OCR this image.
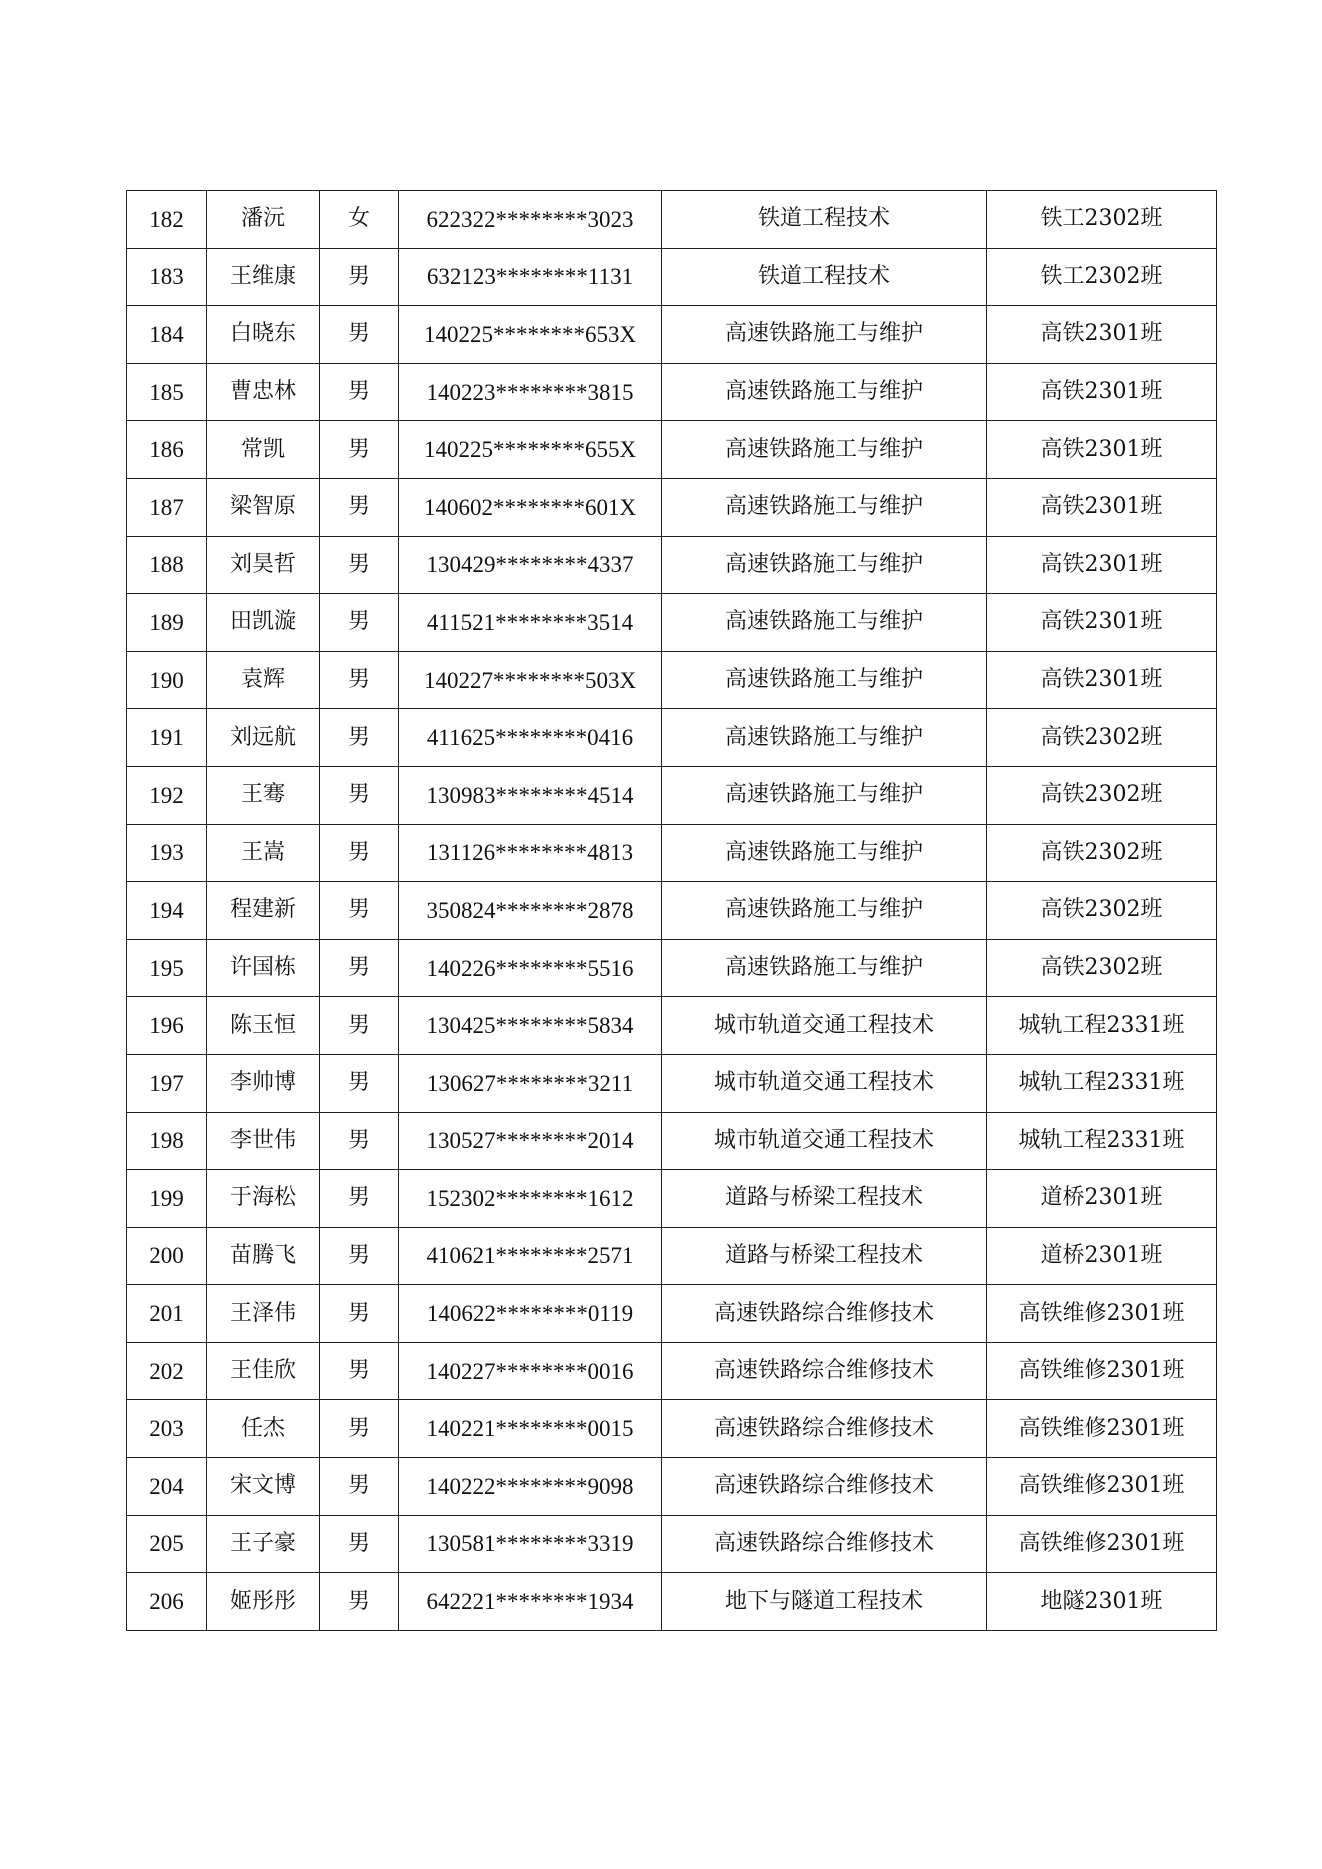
182	潘沅	女	622322********3023	铁道工程技术	铁工2302班
183	王维康	男	632123********1131	铁道工程技术	铁工2302班
184	白晓东	男	140225********653X	高速铁路施工与维护	高铁2301班
185	曹忠林	男	140223********3815	高速铁路施工与维护	高铁2301班
186	常凯	男	140225********655X	高速铁路施工与维护	高铁2301班
187	梁智原	男	140602********601X	高速铁路施工与维护	高铁2301班
188	刘昊哲	男	130429********4337	高速铁路施工与维护	高铁2301班
189	田凯漩	男	411521********3514	高速铁路施工与维护	高铁2301班
190	袁辉	男	140227********503X	高速铁路施工与维护	高铁2301班
191	刘远航	男	411625********0416	高速铁路施工与维护	高铁2302班
192	王骞	男	130983********4514	高速铁路施工与维护	高铁2302班
193	王嵩	男	131126********4813	高速铁路施工与维护	高铁2302班
194	程建新	男	350824********2878	高速铁路施工与维护	高铁2302班
195	许国栋	男	140226********5516	高速铁路施工与维护	高铁2302班
196	陈玉恒	男	130425********5834	城市轨道交通工程技术	城轨工程2331班
197	李帅博	男	130627********3211	城市轨道交通工程技术	城轨工程2331班
198	李世伟	男	130527********2014	城市轨道交通工程技术	城轨工程2331班
199	于海松	男	152302********1612	道路与桥梁工程技术	道桥2301班
200	苗腾飞	男	410621********2571	道路与桥梁工程技术	道桥2301班
201	王泽伟	男	140622********0119	高速铁路综合维修技术	高铁维修2301班
202	王佳欣	男	140227********0016	高速铁路综合维修技术	高铁维修2301班
203	任杰	男	140221********0015	高速铁路综合维修技术	高铁维修2301班
204	宋文博	男	140222********9098	高速铁路综合维修技术	高铁维修2301班
205	王子豪	男	130581********3319	高速铁路综合维修技术	高铁维修2301班
206	姬彤彤	男	642221********1934	地下与隧道工程技术	地隧2301班
